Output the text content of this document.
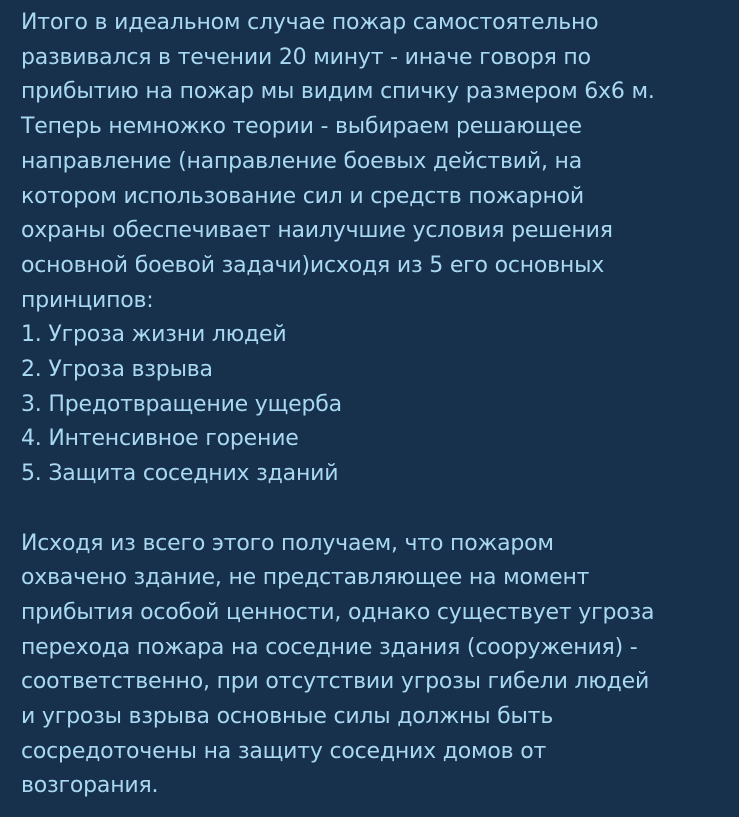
Итого в идеальном случае пожар самостоятельно
развивался в течении 20 минут - иначе говоря по
прибытию на пожар мы видим спичку размером 6х6 м.
Теперь немножко теории - выбираем решающее
направление (направление боевых действий, на
котором использование сил и средств пожарной
охраны обеспечивает наилучшие условия решения
основной боевой задачи)исходя из 5 его основных
принципов:
1. Угроза жизни людей
2. Угроза взрыва
3. Предотвращение ущерба
4. Интенсивное горение
5. Защита соседних зданий
Исходя из всего этого получаем, что пожаром
охвачено здание, не представляющее на момент
прибытия особой ценности, однако существует угроза
перехода пожара на соседние здания (сооружения) -
соответственно, при отсутствии угрозы гибели людей
и угрозы взрыва основные силы должны быть
сосредоточены на защиту соседних домов от
возгорания.
